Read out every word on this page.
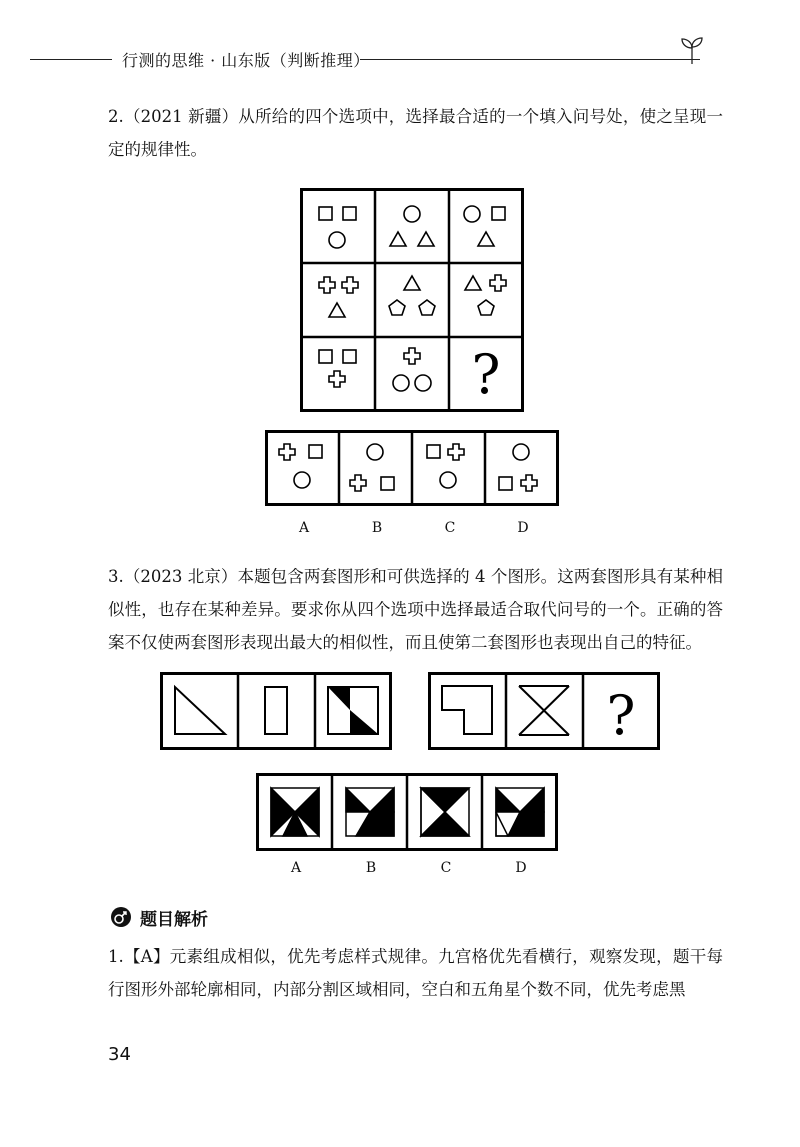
行测的思维 · 山东版（判断推理）
2.（2021 新疆）从所给的四个选项中，选择最合适的一个填入问号处，使之呈现一定的规律性。
?
A	B	C	D
3.（2023 北京）本题包含两套图形和可供选择的 4 个图形。这两套图形具有某种相似性，也存在某种差异。要求你从四个选项中选择最适合取代问号的一个。正确的答案不仅使两套图形表现出最大的相似性，而且使第二套图形也表现出自己的特征。
?
A	B	C	D
题目解析
1.【A】元素组成相似，优先考虑样式规律。九宫格优先看横行，观察发现，题干每行图形外部轮廓相同，内部分割区域相同，空白和五角星个数不同，优先考虑黑
34
